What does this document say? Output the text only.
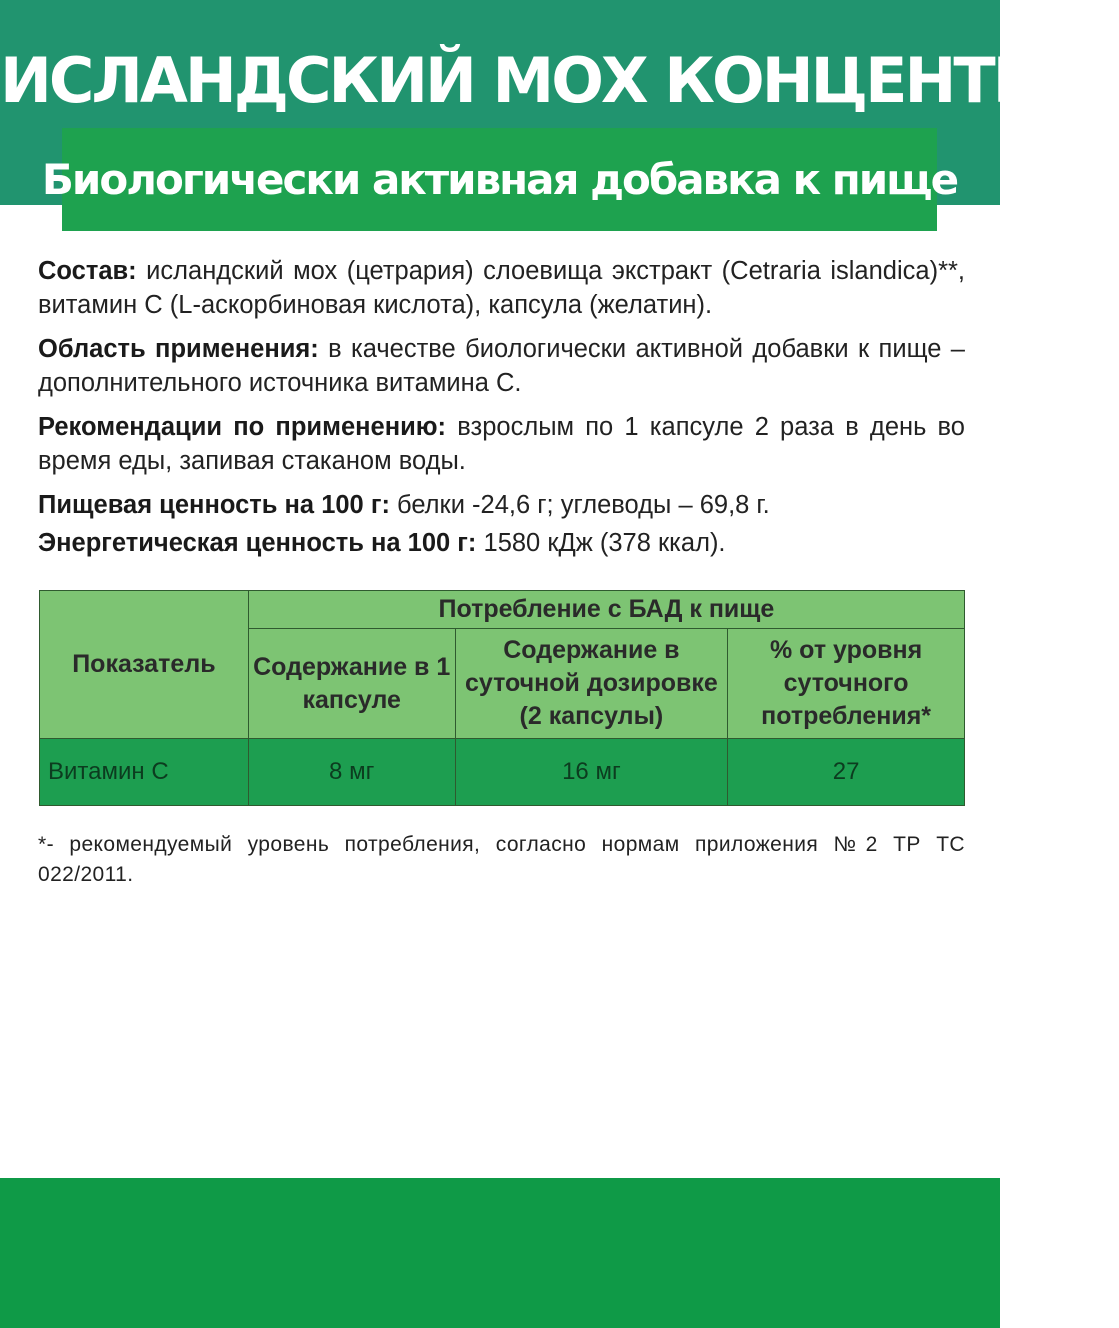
ИСЛАНДСКИЙ МОХ КОНЦЕНТРАТ
Биологически активная добавка к пище

Состав: исландский мох (цетрария) слоевища экстракт (Cetraria islandica)**, витамин С (L-аскорбиновая кислота), капсула (желатин).

Область применения: в качестве биологически активной добавки к пище – дополнительного источника витамина С.

Рекомендации по применению: взрослым по 1 капсуле 2 раза в день во время еды, запивая стаканом воды.

Пищевая ценность на 100 г: белки -24,6 г; углеводы – 69,8 г.

Энергетическая ценность на 100 г: 1580 кДж (378 ккал).

Показатель	Потребление с БАД к пище		
	Содержание в 1 капсуле	Содержание в суточной дозировке (2 капсулы)	% от уровня суточного потребления*
Витамин С	8 мг	16 мг	27
*- рекомендуемый уровень потребления, согласно нормам приложения №2 ТР ТС 022/2011.
